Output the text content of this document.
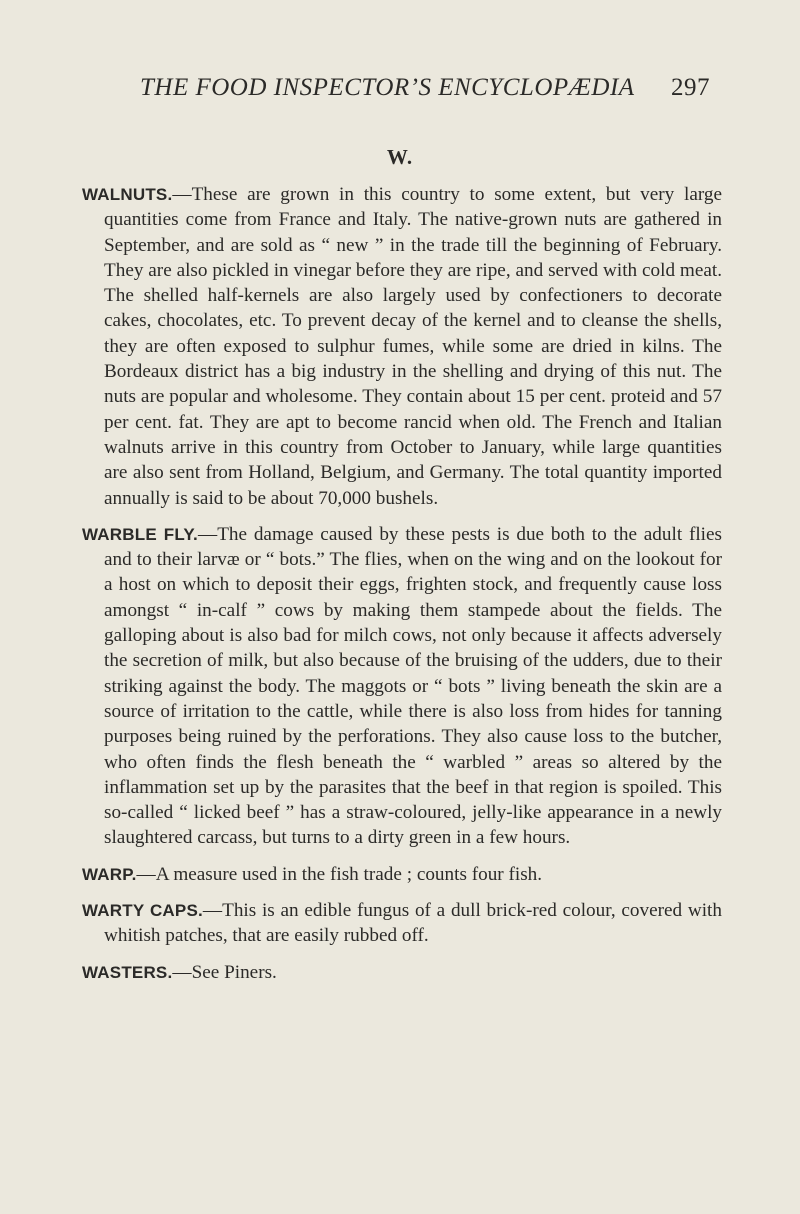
THE FOOD INSPECTOR’S ENCYCLOPÆDIA 297
W.

WALNUTS.—These are grown in this country to some extent, but very large quantities come from France and Italy. The native-grown nuts are gathered in September, and are sold as “ new ” in the trade till the beginning of February. They are also pickled in vinegar before they are ripe, and served with cold meat. The shelled half-kernels are also largely used by confectioners to decorate cakes, chocolates, etc. To prevent decay of the kernel and to cleanse the shells, they are often exposed to sulphur fumes, while some are dried in kilns. The Bordeaux district has a big industry in the shelling and drying of this nut. The nuts are popular and wholesome. They contain about 15 per cent. proteid and 57 per cent. fat. They are apt to become rancid when old. The French and Italian walnuts arrive in this country from October to January, while large quantities are also sent from Holland, Belgium, and Germany. The total quantity imported annually is said to be about 70,000 bushels.

WARBLE FLY.—The damage caused by these pests is due both to the adult flies and to their larvæ or “ bots.” The flies, when on the wing and on the lookout for a host on which to deposit their eggs, frighten stock, and frequently cause loss amongst “ in-calf ” cows by making them stampede about the fields. The galloping about is also bad for milch cows, not only because it affects adversely the secretion of milk, but also because of the bruising of the udders, due to their striking against the body. The maggots or “ bots ” living beneath the skin are a source of irritation to the cattle, while there is also loss from hides for tanning purposes being ruined by the perforations. They also cause loss to the butcher, who often finds the flesh beneath the “ warbled ” areas so altered by the inflammation set up by the parasites that the beef in that region is spoiled. This so-called “ licked beef ” has a straw-coloured, jelly-like appearance in a newly slaughtered carcass, but turns to a dirty green in a few hours.

WARP.—A measure used in the fish trade ; counts four fish.

WARTY CAPS.—This is an edible fungus of a dull brick-red colour, covered with whitish patches, that are easily rubbed off.

WASTERS.—See Piners.
